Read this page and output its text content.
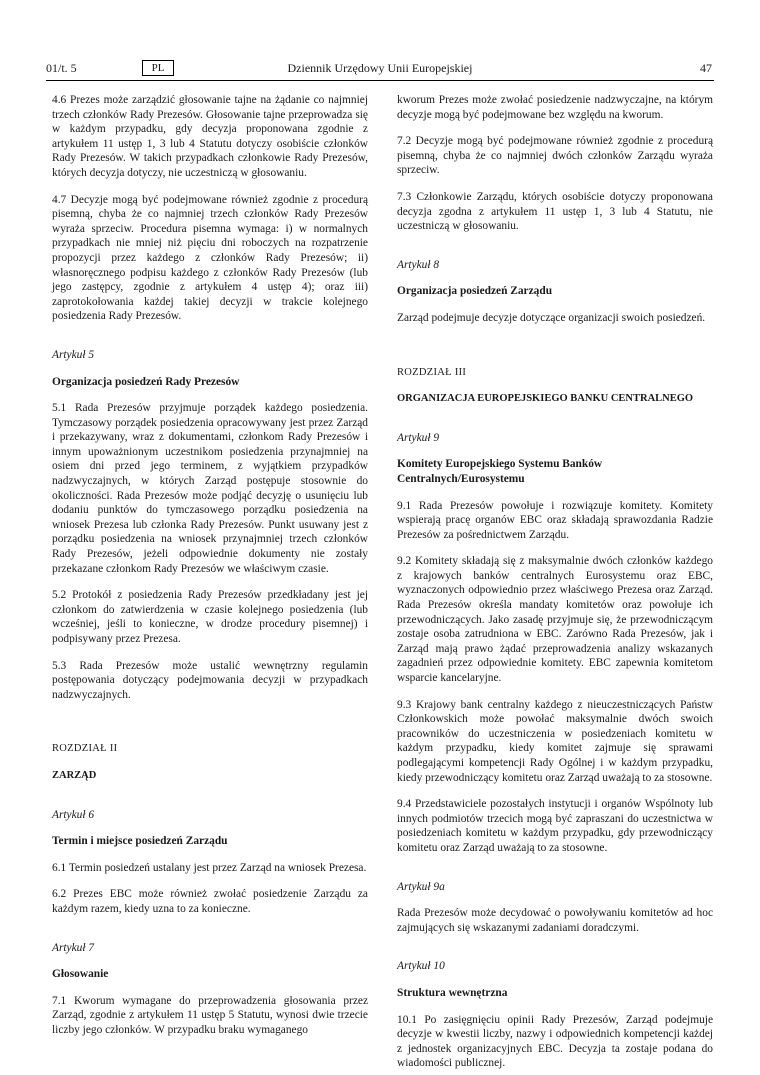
01/t. 5	PL	Dziennik Urzędowy Unii Europejskiej	47

4.6 Prezes może zarządzić głosowanie tajne na żądanie co najmniej trzech członków Rady Prezesów. Głosowanie tajne przeprowadza się w każdym przypadku, gdy decyzja proponowana zgodnie z artykułem 11 ustęp 1, 3 lub 4 Statutu dotyczy osobiście członków Rady Prezesów. W takich przypadkach członkowie Rady Prezesów, których decyzja dotyczy, nie uczestniczą w głosowaniu.

4.7 Decyzje mogą być podejmowane również zgodnie z procedurą pisemną, chyba że co najmniej trzech członków Rady Prezesów wyraża sprzeciw. Procedura pisemna wymaga: i) w normalnych przypadkach nie mniej niż pięciu dni roboczych na rozpatrzenie propozycji przez każdego z członków Rady Prezesów; ii) własnoręcznego podpisu każdego z członków Rady Prezesów (lub jego zastępcy, zgodnie z artykułem 4 ustęp 4); oraz iii) zaprotokołowania każdej takiej decyzji w trakcie kolejnego posiedzenia Rady Prezesów.

Artykuł 5

Organizacja posiedzeń Rady Prezesów

5.1 Rada Prezesów przyjmuje porządek każdego posiedzenia. Tymczasowy porządek posiedzenia opracowywany jest przez Zarząd i przekazywany, wraz z dokumentami, członkom Rady Prezesów i innym upoważnionym uczestnikom posiedzenia przynajmniej na osiem dni przed jego terminem, z wyjątkiem przypadków nadzwyczajnych, w których Zarząd postępuje stosownie do okoliczności. Rada Prezesów może podjąć decyzję o usunięciu lub dodaniu punktów do tymczasowego porządku posiedzenia na wniosek Prezesa lub członka Rady Prezesów. Punkt usuwany jest z porządku posiedzenia na wniosek przynajmniej trzech członków Rady Prezesów, jeżeli odpowiednie dokumenty nie zostały przekazane członkom Rady Prezesów we właściwym czasie.

5.2 Protokół z posiedzenia Rady Prezesów przedkładany jest jej członkom do zatwierdzenia w czasie kolejnego posiedzenia (lub wcześniej, jeśli to konieczne, w drodze procedury pisemnej) i podpisywany przez Prezesa.

5.3 Rada Prezesów może ustalić wewnętrzny regulamin postępowania dotyczący podejmowania decyzji w przypadkach nadzwyczajnych.

ROZDZIAŁ II

ZARZĄD

Artykuł 6

Termin i miejsce posiedzeń Zarządu

6.1 Termin posiedzeń ustalany jest przez Zarząd na wniosek Prezesa.

6.2 Prezes EBC może również zwołać posiedzenie Zarządu za każdym razem, kiedy uzna to za konieczne.

Artykuł 7

Głosowanie

7.1 Kworum wymagane do przeprowadzenia głosowania przez Zarząd, zgodnie z artykułem 11 ustęp 5 Statutu, wynosi dwie trzecie liczby jego członków. W przypadku braku wymaganego

kworum Prezes może zwołać posiedzenie nadzwyczajne, na którym decyzje mogą być podejmowane bez względu na kworum.

7.2 Decyzje mogą być podejmowane również zgodnie z procedurą pisemną, chyba że co najmniej dwóch członków Zarządu wyraża sprzeciw.

7.3 Członkowie Zarządu, których osobiście dotyczy proponowana decyzja zgodna z artykułem 11 ustęp 1, 3 lub 4 Statutu, nie uczestniczą w głosowaniu.

Artykuł 8

Organizacja posiedzeń Zarządu

Zarząd podejmuje decyzje dotyczące organizacji swoich posiedzeń.

ROZDZIAŁ III

ORGANIZACJA EUROPEJSKIEGO BANKU CENTRALNEGO

Artykuł 9

Komitety Europejskiego Systemu Banków

Centralnych/Eurosystemu

9.1 Rada Prezesów powołuje i rozwiązuje komitety. Komitety wspierają pracę organów EBC oraz składają sprawozdania Radzie Prezesów za pośrednictwem Zarządu.

9.2 Komitety składają się z maksymalnie dwóch członków każdego z krajowych banków centralnych Eurosystemu oraz EBC, wyznaczonych odpowiednio przez właściwego Prezesa oraz Zarząd. Rada Prezesów określa mandaty komitetów oraz powołuje ich przewodniczących. Jako zasadę przyjmuje się, że przewodniczącym zostaje osoba zatrudniona w EBC. Zarówno Rada Prezesów, jak i Zarząd mają prawo żądać przeprowadzenia analizy wskazanych zagadnień przez odpowiednie komitety. EBC zapewnia komitetom wsparcie kancelaryjne.

9.3 Krajowy bank centralny każdego z nieuczestniczących Państw Członkowskich może powołać maksymalnie dwóch swoich pracowników do uczestniczenia w posiedzeniach komitetu w każdym przypadku, kiedy komitet zajmuje się sprawami podlegającymi kompetencji Rady Ogólnej i w każdym przypadku, kiedy przewodniczący komitetu oraz Zarząd uważają to za stosowne.

9.4 Przedstawiciele pozostałych instytucji i organów Wspólnoty lub innych podmiotów trzecich mogą być zapraszani do uczestnictwa w posiedzeniach komitetu w każdym przypadku, gdy przewodniczący komitetu oraz Zarząd uważają to za stosowne.

Artykuł 9a

Rada Prezesów może decydować o powoływaniu komitetów ad hoc zajmujących się wskazanymi zadaniami doradczymi.

Artykuł 10

Struktura wewnętrzna

10.1 Po zasięgnięciu opinii Rady Prezesów, Zarząd podejmuje decyzje w kwestii liczby, nazwy i odpowiednich kompetencji każdej z jednostek organizacyjnych EBC. Decyzja ta zostaje podana do wiadomości publicznej.
